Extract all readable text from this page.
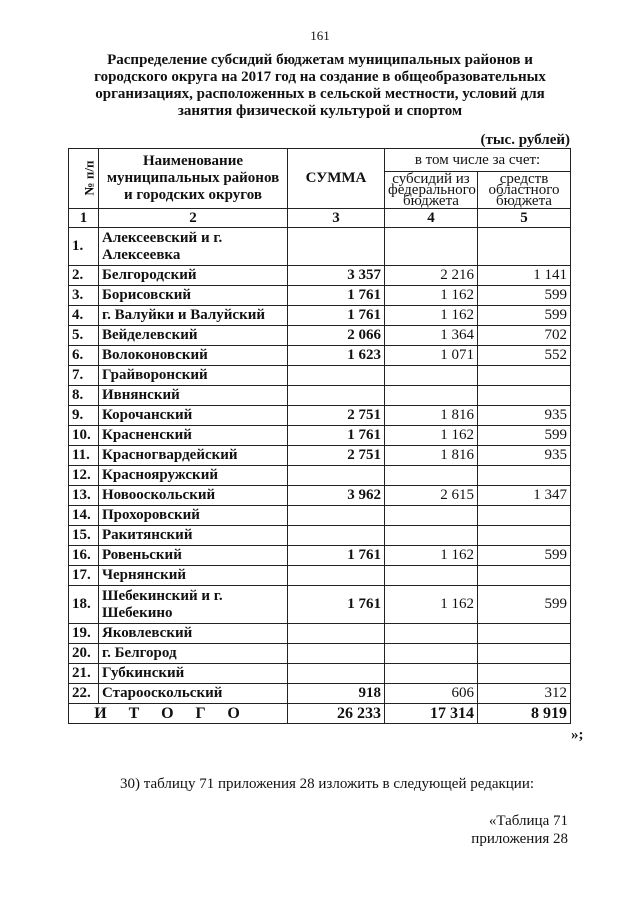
161
Распределение субсидий бюджетам муниципальных районов и городского округа на 2017 год на создание в общеобразовательных организациях, расположенных в сельской местности, условий для занятия физической культурой и спортом
(тыс. рублей)
№ п/п	Наименование муниципальных районов и городских округов	СУММА	в том числе за счет:	
			субсидий из федерального бюджета	средств областного бюджета
1	2	3	4	5
1.	Алексеевский и г. Алексеевка			
2.	Белгородский	3 357	2 216	1 141
3.	Борисовский	1 761	1 162	599
4.	г. Валуйки и Валуйский	1 761	1 162	599
5.	Вейделевский	2 066	1 364	702
6.	Волоконовский	1 623	1 071	552
7.	Грайворонский			
8.	Ивнянский			
9.	Корочанский	2 751	1 816	935
10.	Красненский	1 761	1 162	599
11.	Красногвардейский	2 751	1 816	935
12.	Краснояружский			
13.	Новооскольский	3 962	2 615	1 347
14.	Прохоровский			
15.	Ракитянский			
16.	Ровеньский	1 761	1 162	599
17.	Чернянский			
18.	Шебекинский и г. Шебекино	1 761	1 162	599
19.	Яковлевский			
20.	г. Белгород			
21.	Губкинский			
22.	Старооскольский	918	606	312
ИТОГО		26 233	17 314	8 919
»;
30) таблицу 71 приложения 28 изложить в следующей редакции:
«Таблица 71
приложения 28
